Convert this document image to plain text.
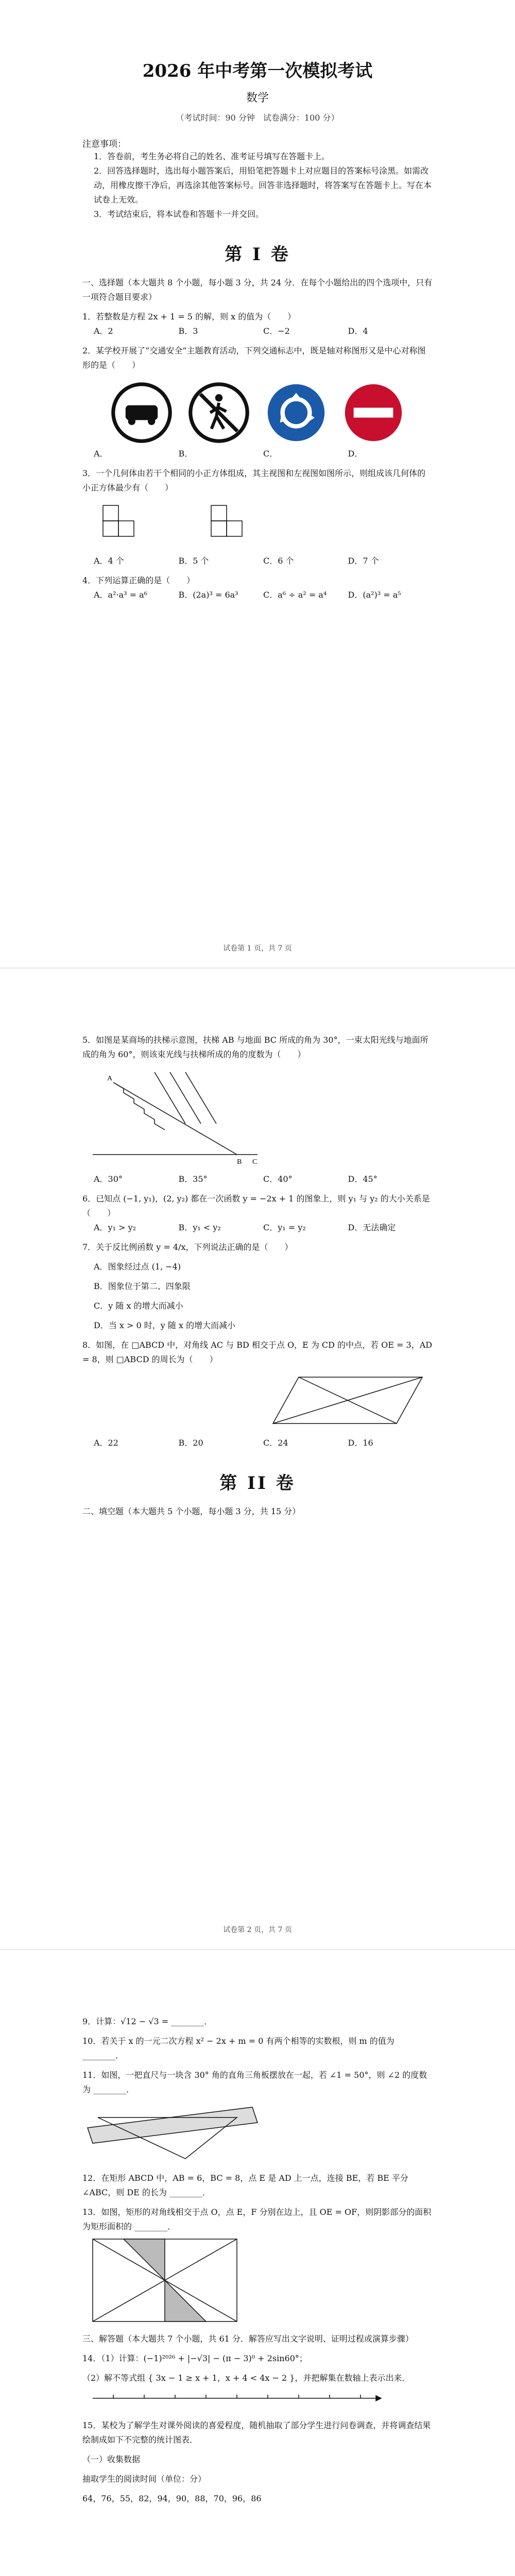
2026 年中考第一次模拟考试
数学
（考试时间：90 分钟　试卷满分：100 分）
注意事项：
1．答卷前，考生务必将自己的姓名、准考证号填写在答题卡上。
2．回答选择题时，选出每小题答案后，用铅笔把答题卡上对应题目的答案标号涂黑。如需改动，用橡皮擦干净后，再选涂其他答案标号。回答非选择题时，将答案写在答题卡上。写在本试卷上无效。
3．考试结束后，将本试卷和答题卡一并交回。
第 I 卷
一、选择题（本大题共 8 个小题，每小题 3 分，共 24 分．在每个小题给出的四个选项中，只有一项符合题目要求）
1．若整数是方程 2x + 1 = 5 的解，则 x 的值为（　　）
A．2	B．3	C．−2	D．4
2．某学校开展了“交通安全”主题教育活动，下列交通标志中，既是轴对称图形又是中心对称图形的是（　　）
A．	B．	C．	D．
3．一个几何体由若干个相同的小正方体组成，其主视图和左视图如图所示，则组成该几何体的小正方体最少有（　　）
A．4 个	B．5 个	C．6 个	D．7 个
4．下列运算正确的是（　　）
A．a²·a³ = a⁶	B．(2a)³ = 6a³	C．a⁶ ÷ a² = a⁴	D．(a²)³ = a⁵
试卷第 1 页，共 7 页
5．如图是某商场的扶梯示意图，扶梯 AB 与地面 BC 所成的角为 30°，一束太阳光线与地面所成的角为 60°，则该束光线与扶梯所成的角的度数为（　　）
A
B C
A．30°	B．35°	C．40°	D．45°
6．已知点 (−1, y₁)，(2, y₂) 都在一次函数 y = −2x + 1 的图象上，则 y₁ 与 y₂ 的大小关系是（　　）
A．y₁ > y₂	B．y₁ < y₂	C．y₁ = y₂	D．无法确定
7．关于反比例函数 y = 4/x，下列说法正确的是（　　）
A．图象经过点 (1, −4)
B．图象位于第二、四象限
C．y 随 x 的增大而减小
D．当 x > 0 时，y 随 x 的增大而减小
8．如图，在 □ABCD 中，对角线 AC 与 BD 相交于点 O，E 为 CD 的中点，若 OE = 3，AD = 8，则 □ABCD 的周长为（　　）
A．22	B．20	C．24	D．16
第 II 卷
二、填空题（本大题共 5 个小题，每小题 3 分，共 15 分）
试卷第 2 页，共 7 页
9．计算：√12 − √3 = ________．
10．若关于 x 的一元二次方程 x² − 2x + m = 0 有两个相等的实数根，则 m 的值为 ________．
11．如图，一把直尺与一块含 30° 角的直角三角板摆放在一起，若 ∠1 = 50°，则 ∠2 的度数为 ________．
12．在矩形 ABCD 中，AB = 6，BC = 8，点 E 是 AD 上一点，连接 BE，若 BE 平分 ∠ABC，则 DE 的长为 ________．
13．如图，矩形的对角线相交于点 O，点 E，F 分别在边上，且 OE = OF，则阴影部分的面积为矩形面积的 ________．
三、解答题（本大题共 7 个小题，共 61 分．解答应写出文字说明、证明过程或演算步骤）
14．（1）计算：(−1)²⁰²⁶ + |−√3| − (π − 3)⁰ + 2sin60°；
（2）解不等式组 { 3x − 1 ≥ x + 1，x + 4 < 4x − 2 }，并把解集在数轴上表示出来．
15．某校为了解学生对课外阅读的喜爱程度，随机抽取了部分学生进行问卷调查，并将调查结果绘制成如下不完整的统计图表．
（一）收集数据
抽取学生的阅读时间（单位：分）
64，76，55，82，94，90，88，70，96，86
